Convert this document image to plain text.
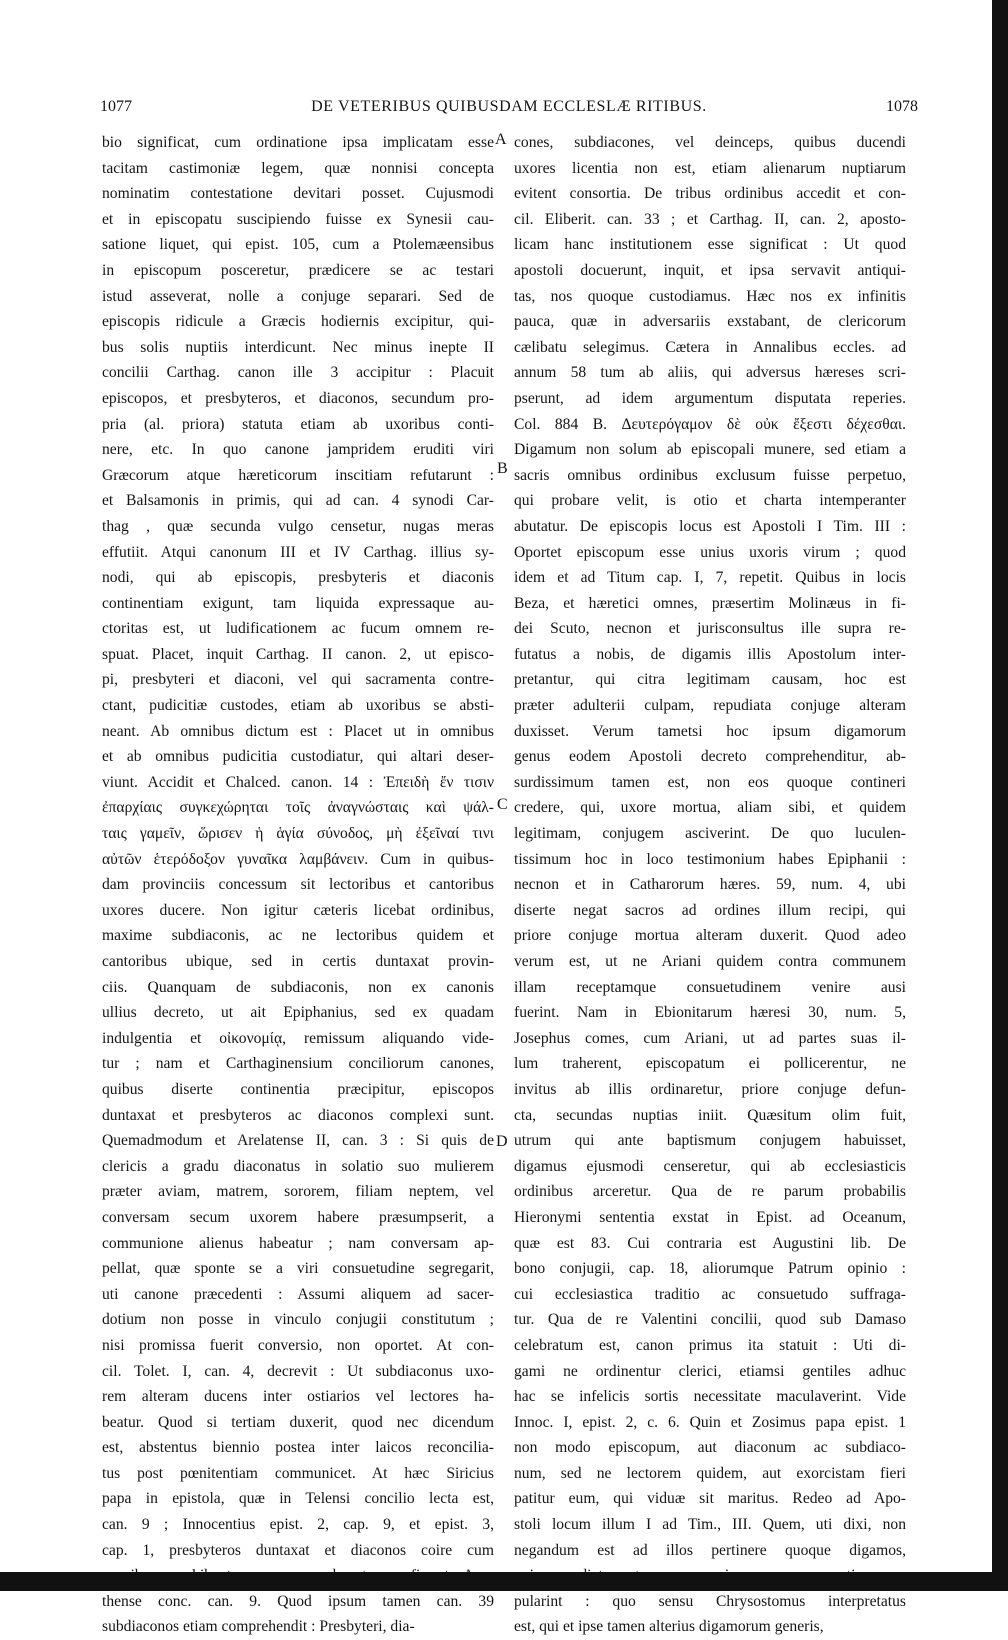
1077	DE VETERIBUS QUIBUSDAM ECCLESLÆ RITIBUS.	1078
bio significat, cum ordinatione ipsa implicatam esse
tacitam castimoniæ legem, quæ nonnisi concepta
nominatim contestatione devitari posset. Cujusmodi
et in episcopatu suscipiendo fuisse ex Synesii cau-
satione liquet, qui epist. 105, cum a Ptolemæensibus
in episcopum posceretur, prædicere se ac testari
istud asseverat, nolle a conjuge separari. Sed de
episcopis ridicule a Græcis hodiernis excipitur, qui-
bus solis nuptiis interdicunt. Nec minus inepte II
concilii Carthag. canon ille 3 accipitur : Placuit
episcopos, et presbyteros, et diaconos, secundum pro-
pria (al. priora) statuta etiam ab uxoribus conti-
nere, etc. In quo canone jampridem eruditi viri
Græcorum atque hæreticorum inscitiam refutarunt :
et Balsamonis in primis, qui ad can. 4 synodi Car-
thag , quæ secunda vulgo censetur, nugas meras
effutiit. Atqui canonum III et IV Carthag. illius sy-
nodi, qui ab episcopis, presbyteris et diaconis
continentiam exigunt, tam liquida expressaque au-
ctoritas est, ut ludificationem ac fucum omnem re-
spuat. Placet, inquit Carthag. II canon. 2, ut episco-
pi, presbyteri et diaconi, vel qui sacramenta contre-
ctant, pudicitiæ custodes, etiam ab uxoribus se absti-
neant. Ab omnibus dictum est : Placet ut in omnibus
et ab omnibus pudicitia custodiatur, qui altari deser-
viunt. Accidit et Chalced. canon. 14 : Ἐπειδὴ ἔν τισιν
ἐπαρχίαις συγκεχώρηται τοῖς ἀναγνώσταις καὶ ψάλ-
ταις γαμεῖν, ὥρισεν ἡ ἁγία σύνοδος, μὴ ἐξεῖναί τινι
αὐτῶν ἑτερόδοξον γυναῖκα λαμβάνειν. Cum in quibus-
dam provinciis concessum sit lectoribus et cantoribus
uxores ducere. Non igitur cæteris licebat ordinibus,
maxime subdiaconis, ac ne lectoribus quidem et
cantoribus ubique, sed in certis duntaxat provin-
ciis. Quanquam de subdiaconis, non ex canonis
ullius decreto, ut ait Epiphanius, sed ex quadam
indulgentia et οἰκονομίᾳ, remissum aliquando vide-
tur ; nam et Carthaginensium conciliorum canones,
quibus diserte continentia præcipitur, episcopos
duntaxat et presbyteros ac diaconos complexi sunt.
Quemadmodum et Arelatense II, can. 3 : Si quis de
clericis a gradu diaconatus in solatio suo mulierem
præter aviam, matrem, sororem, filiam neptem, vel
conversam secum uxorem habere præsumpserit, a
communione alienus habeatur ; nam conversam ap-
pellat, quæ sponte se a viri consuetudine segregarit,
uti canone præcedenti : Assumi aliquem ad sacer-
dotium non posse in vinculo conjugii constitutum ;
nisi promissa fuerit conversio, non oportet. At con-
cil. Tolet. I, can. 4, decrevit : Ut subdiaconus uxo-
rem alteram ducens inter ostiarios vel lectores ha-
beatur. Quod si tertiam duxerit, quod nec dicendum
est, abstentus biennio postea inter laicos reconcilia-
tus post pœnitentiam communicet. At hæc Siricius
papa in epistola, quæ in Telensi concilio lecta est,
can. 9 ; Innocentius epist. 2, cap. 9, et epist. 3,
cap. 1, presbyteros duntaxat et diaconos coire cum
thense conc. can. 9. Quod ipsum tamen can. 39
subdiaconos etiam comprehendit : Presbyteri, dia-
cones, subdiacones, vel deinceps, quibus ducendi
uxores licentia non est, etiam alienarum nuptiarum
evitent consortia. De tribus ordinibus accedit et con-
cil. Eliberit. can. 33 ; et Carthag. II, can. 2, aposto-
licam hanc institutionem esse significat : Ut quod
apostoli docuerunt, inquit, et ipsa servavit antiqui-
tas, nos quoque custodiamus. Hæc nos ex infinitis
pauca, quæ in adversariis exstabant, de clericorum
cælibatu selegimus. Cætera in Annalibus eccles. ad
annum 58 tum ab aliis, qui adversus hæreses scri-
pserunt, ad idem argumentum disputata reperies.
Col. 884 B. Δευτερόγαμον δὲ οὐκ ἔξεστι δέχεσθαι.
Digamum non solum ab episcopali munere, sed etiam a
sacris omnibus ordinibus exclusum fuisse perpetuo,
qui probare velit, is otio et charta intemperanter
abutatur. De episcopis locus est Apostoli I Tim. III :
Oportet episcopum esse unius uxoris virum ; quod
idem et ad Titum cap. I, 7, repetit. Quibus in locis
Beza, et hæretici omnes, præsertim Molinæus in fi-
dei Scuto, necnon et jurisconsultus ille supra re-
futatus a nobis, de digamis illis Apostolum inter-
pretantur, qui citra legitimam causam, hoc est
præter adulterii culpam, repudiata conjuge alteram
duxisset. Verum tametsi hoc ipsum digamorum
genus eodem Apostoli decreto comprehenditur, ab-
surdissimum tamen est, non eos quoque contineri
credere, qui, uxore mortua, aliam sibi, et quidem
legitimam, conjugem asciverint. De quo luculen-
tissimum hoc in loco testimonium habes Epiphanii :
necnon et in Catharorum hæres. 59, num. 4, ubi
diserte negat sacros ad ordines illum recipi, qui
priore conjuge mortua alteram duxerit. Quod adeo
verum est, ut ne Ariani quidem contra communem
illam receptamque consuetudinem venire ausi
fuerint. Nam in Ebionitarum hæresi 30, num. 5,
Josephus comes, cum Ariani, ut ad partes suas il-
lum traherent, episcopatum ei pollicerentur, ne
invitus ab illis ordinaretur, priore conjuge defun-
cta, secundas nuptias iniit. Quæsitum olim fuit,
utrum qui ante baptismum conjugem habuisset,
digamus ejusmodi censeretur, qui ab ecclesiasticis
ordinibus arceretur. Qua de re parum probabilis
Hieronymi sententia exstat in Epist. ad Oceanum,
quæ est 83. Cui contraria est Augustini lib. De
bono conjugii, cap. 18, aliorumque Patrum opinio :
cui ecclesiastica traditio ac consuetudo suffraga-
tur. Qua de re Valentini concilii, quod sub Damaso
celebratum est, canon primus ita statuit : Uti di-
gami ne ordinentur clerici, etiamsi gentiles adhuc
hac se infelicis sortis necessitate maculaverint. Vide
Innoc. I, epist. 2, c. 6. Quin et Zosimus papa epist. 1
non modo episcopum, aut diaconum ac subdiaco-
num, sed ne lectorem quidem, aut exorcistam fieri
patitur eum, qui viduæ sit maritus. Redeo ad Apo-
stoli locum illum I ad Tim., III. Quem, uti dixi, non
negandum est ad illos pertinere quoque digamos,
pularint : quo sensu Chrysostomus interpretatus
est, qui et ipse tamen alterius digamorum generis,
A
B
C
D
